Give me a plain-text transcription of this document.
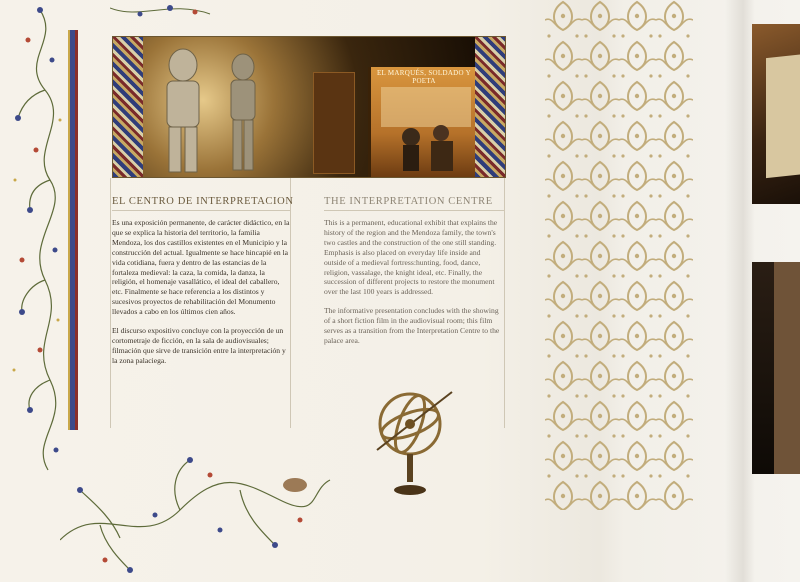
EL MARQUÉS, SOLDADO Y POETA
EL CENTRO DE INTERPRETACION

Es una exposición permanente, de carácter didáctico, en la que se explica la historia del territorio, la familia Mendoza, los dos castillos existentes en el Municipio y la construcción del actual. Igualmente se hace hincapié en la vida cotidiana, fuera y dentro de las estancias de la fortaleza medieval: la caza, la comida, la danza, la religión, el homenaje vasallático, el ideal del caballero, etc. Finalmente se hace referencia a los distintos y sucesivos proyectos de rehabilitación del Monumento llevados a cabo en los últimos cien años.

El discurso expositivo concluye con la proyección de un cortometraje de ficción, en la sala de audiovisuales; filmación que sirve de transición entre la interpretación y la zona palaciega.

THE INTERPRETATION CENTRE

This is a permanent, educational exhibit that explains the history of the region and the Mendoza family, the town's two castles and the construction of the one still standing. Emphasis is also placed on everyday life inside and outside of a medieval fortress:hunting, food, dance, religion, vassalage, the knight ideal, etc. Finally, the succession of different projects to restore the monument over the last 100 years is addressed.

The informative presentation concludes with the showing of a short fiction film in the audiovisual room; this film serves as a transition from the Interpretation Centre to the palace area.
